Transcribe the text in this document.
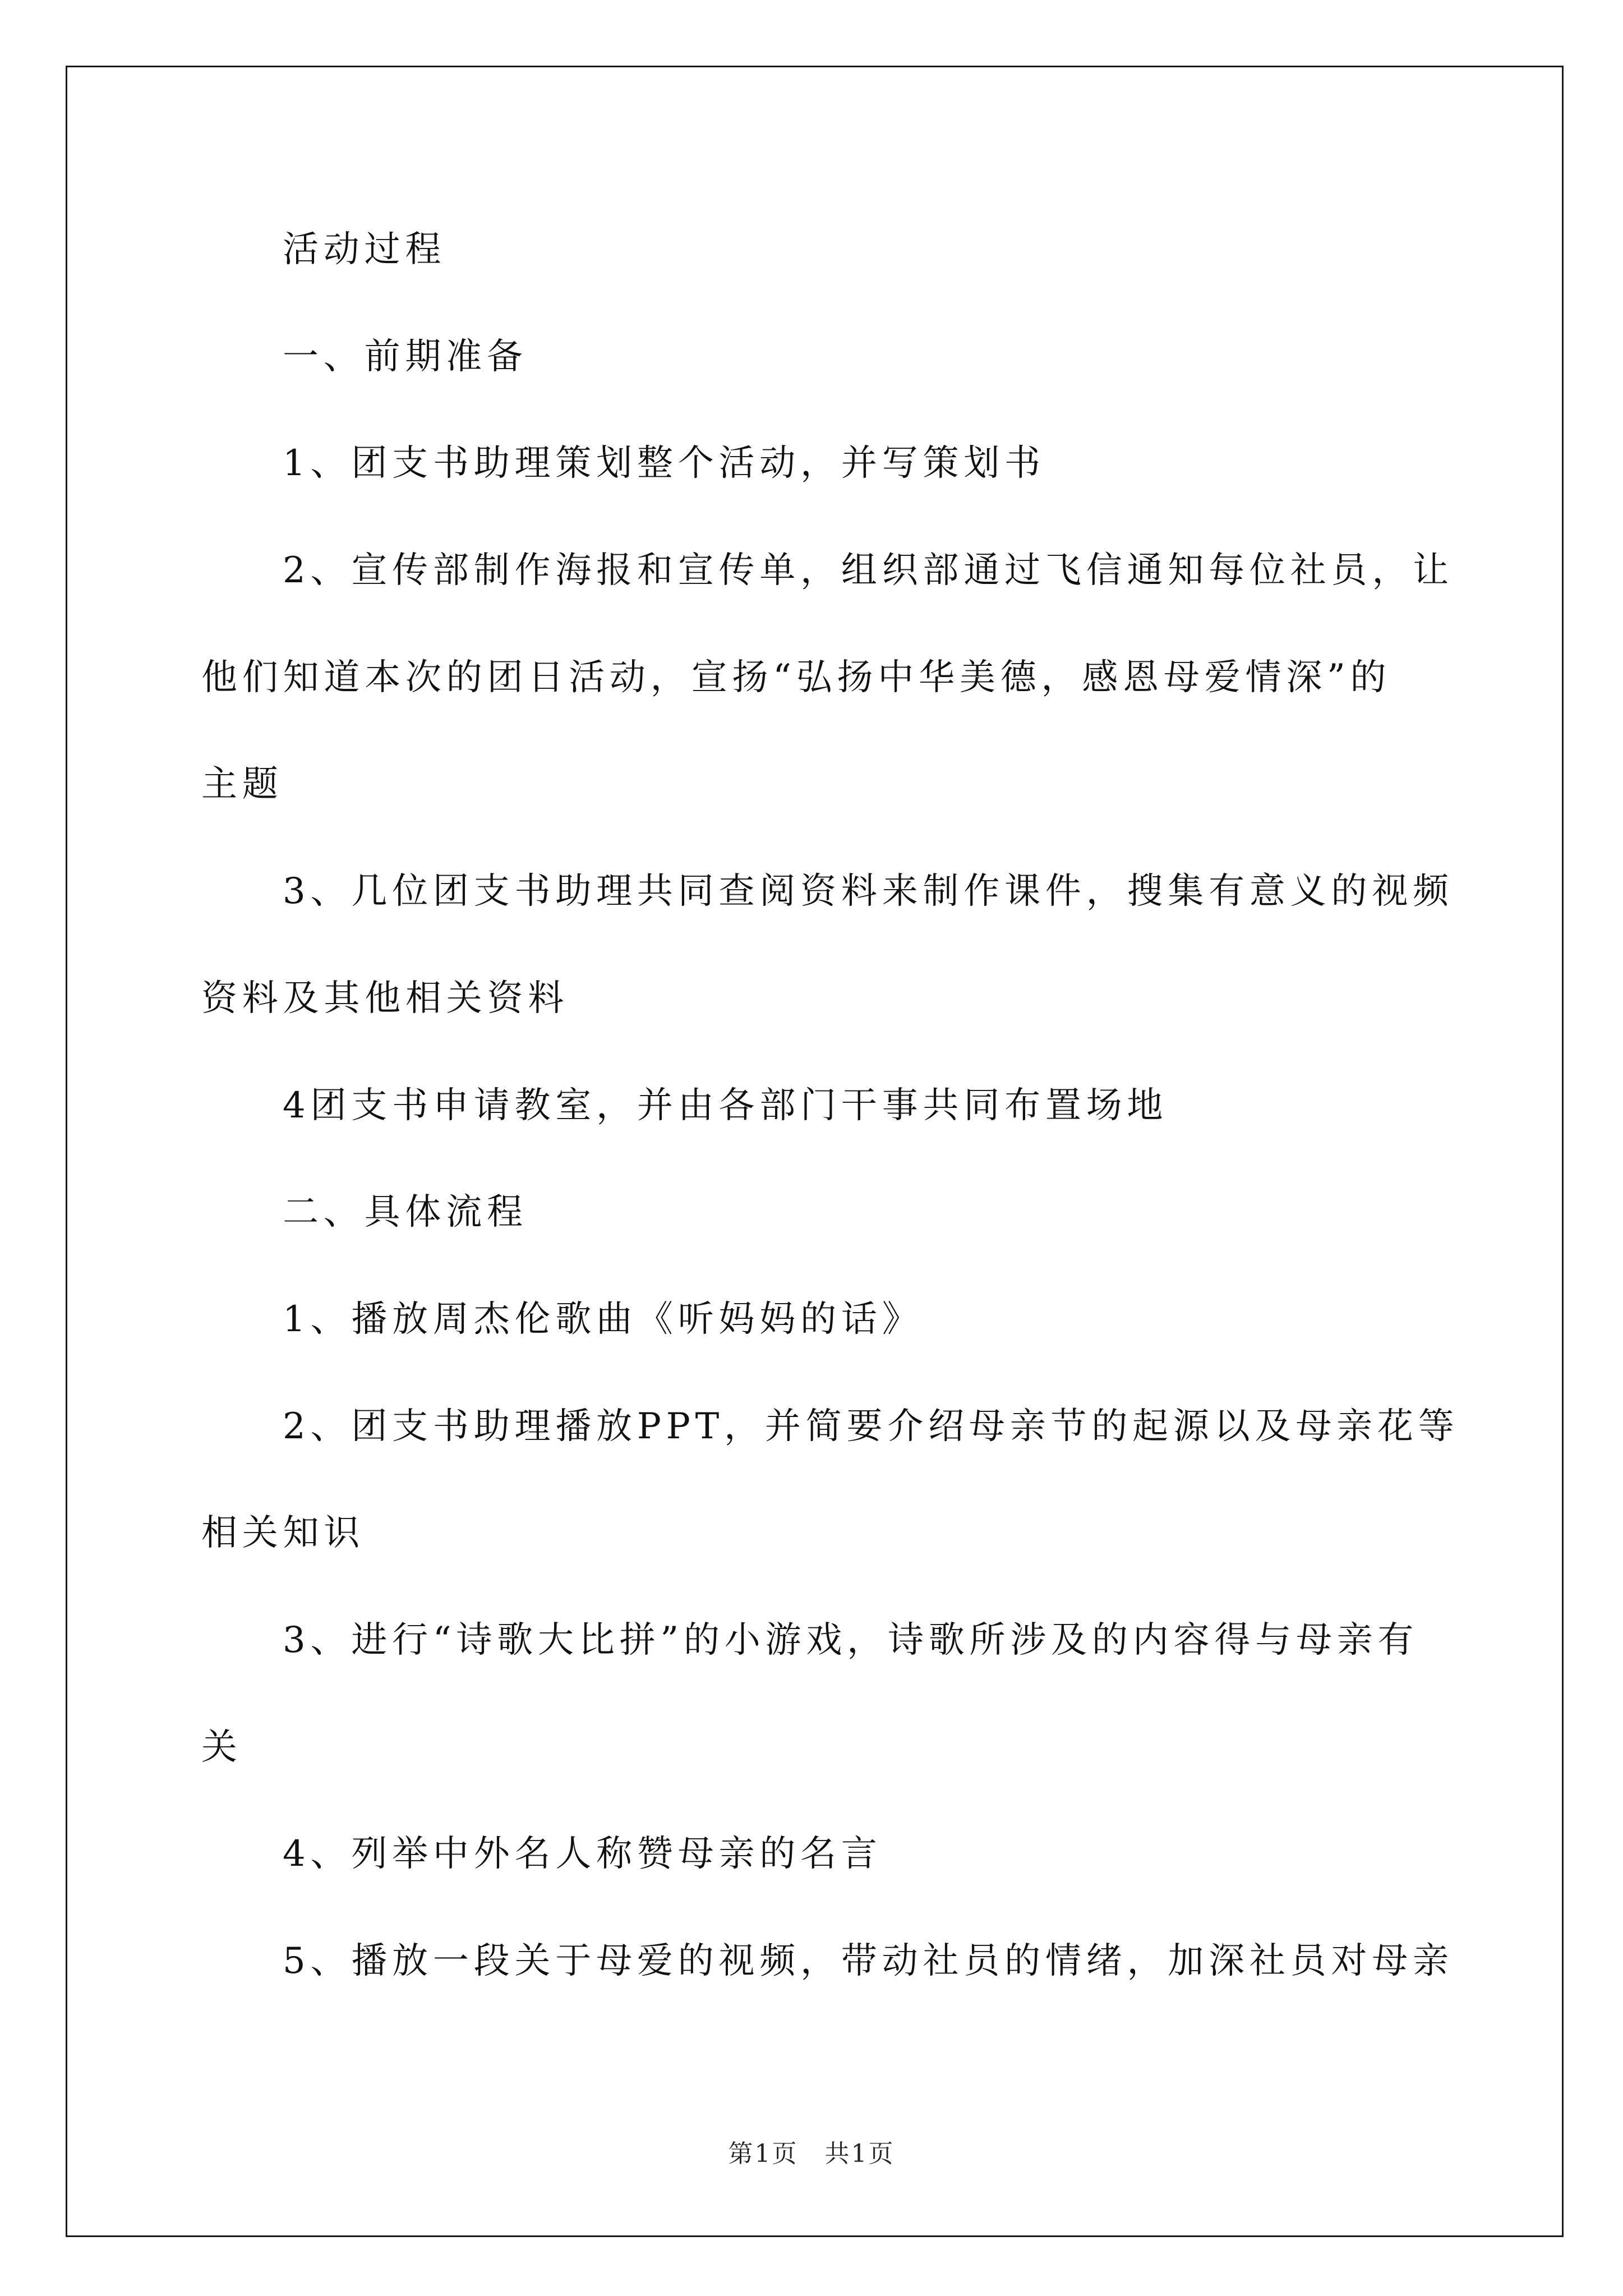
活动过程
一、前期准备
1、团支书助理策划整个活动，并写策划书
2、宣传部制作海报和宣传单，组织部通过飞信通知每位社员，让
他们知道本次的团日活动，宣扬“弘扬中华美德，感恩母爱情深”的
主题
3、几位团支书助理共同查阅资料来制作课件，搜集有意义的视频
资料及其他相关资料
4团支书申请教室，并由各部门干事共同布置场地
二、具体流程
1、播放周杰伦歌曲《听妈妈的话》
2、团支书助理播放PPT，并简要介绍母亲节的起源以及母亲花等
相关知识
3、进行“诗歌大比拼”的小游戏，诗歌所涉及的内容得与母亲有
关
4、列举中外名人称赞母亲的名言
5、播放一段关于母爱的视频，带动社员的情绪，加深社员对母亲
第1页　共1页
